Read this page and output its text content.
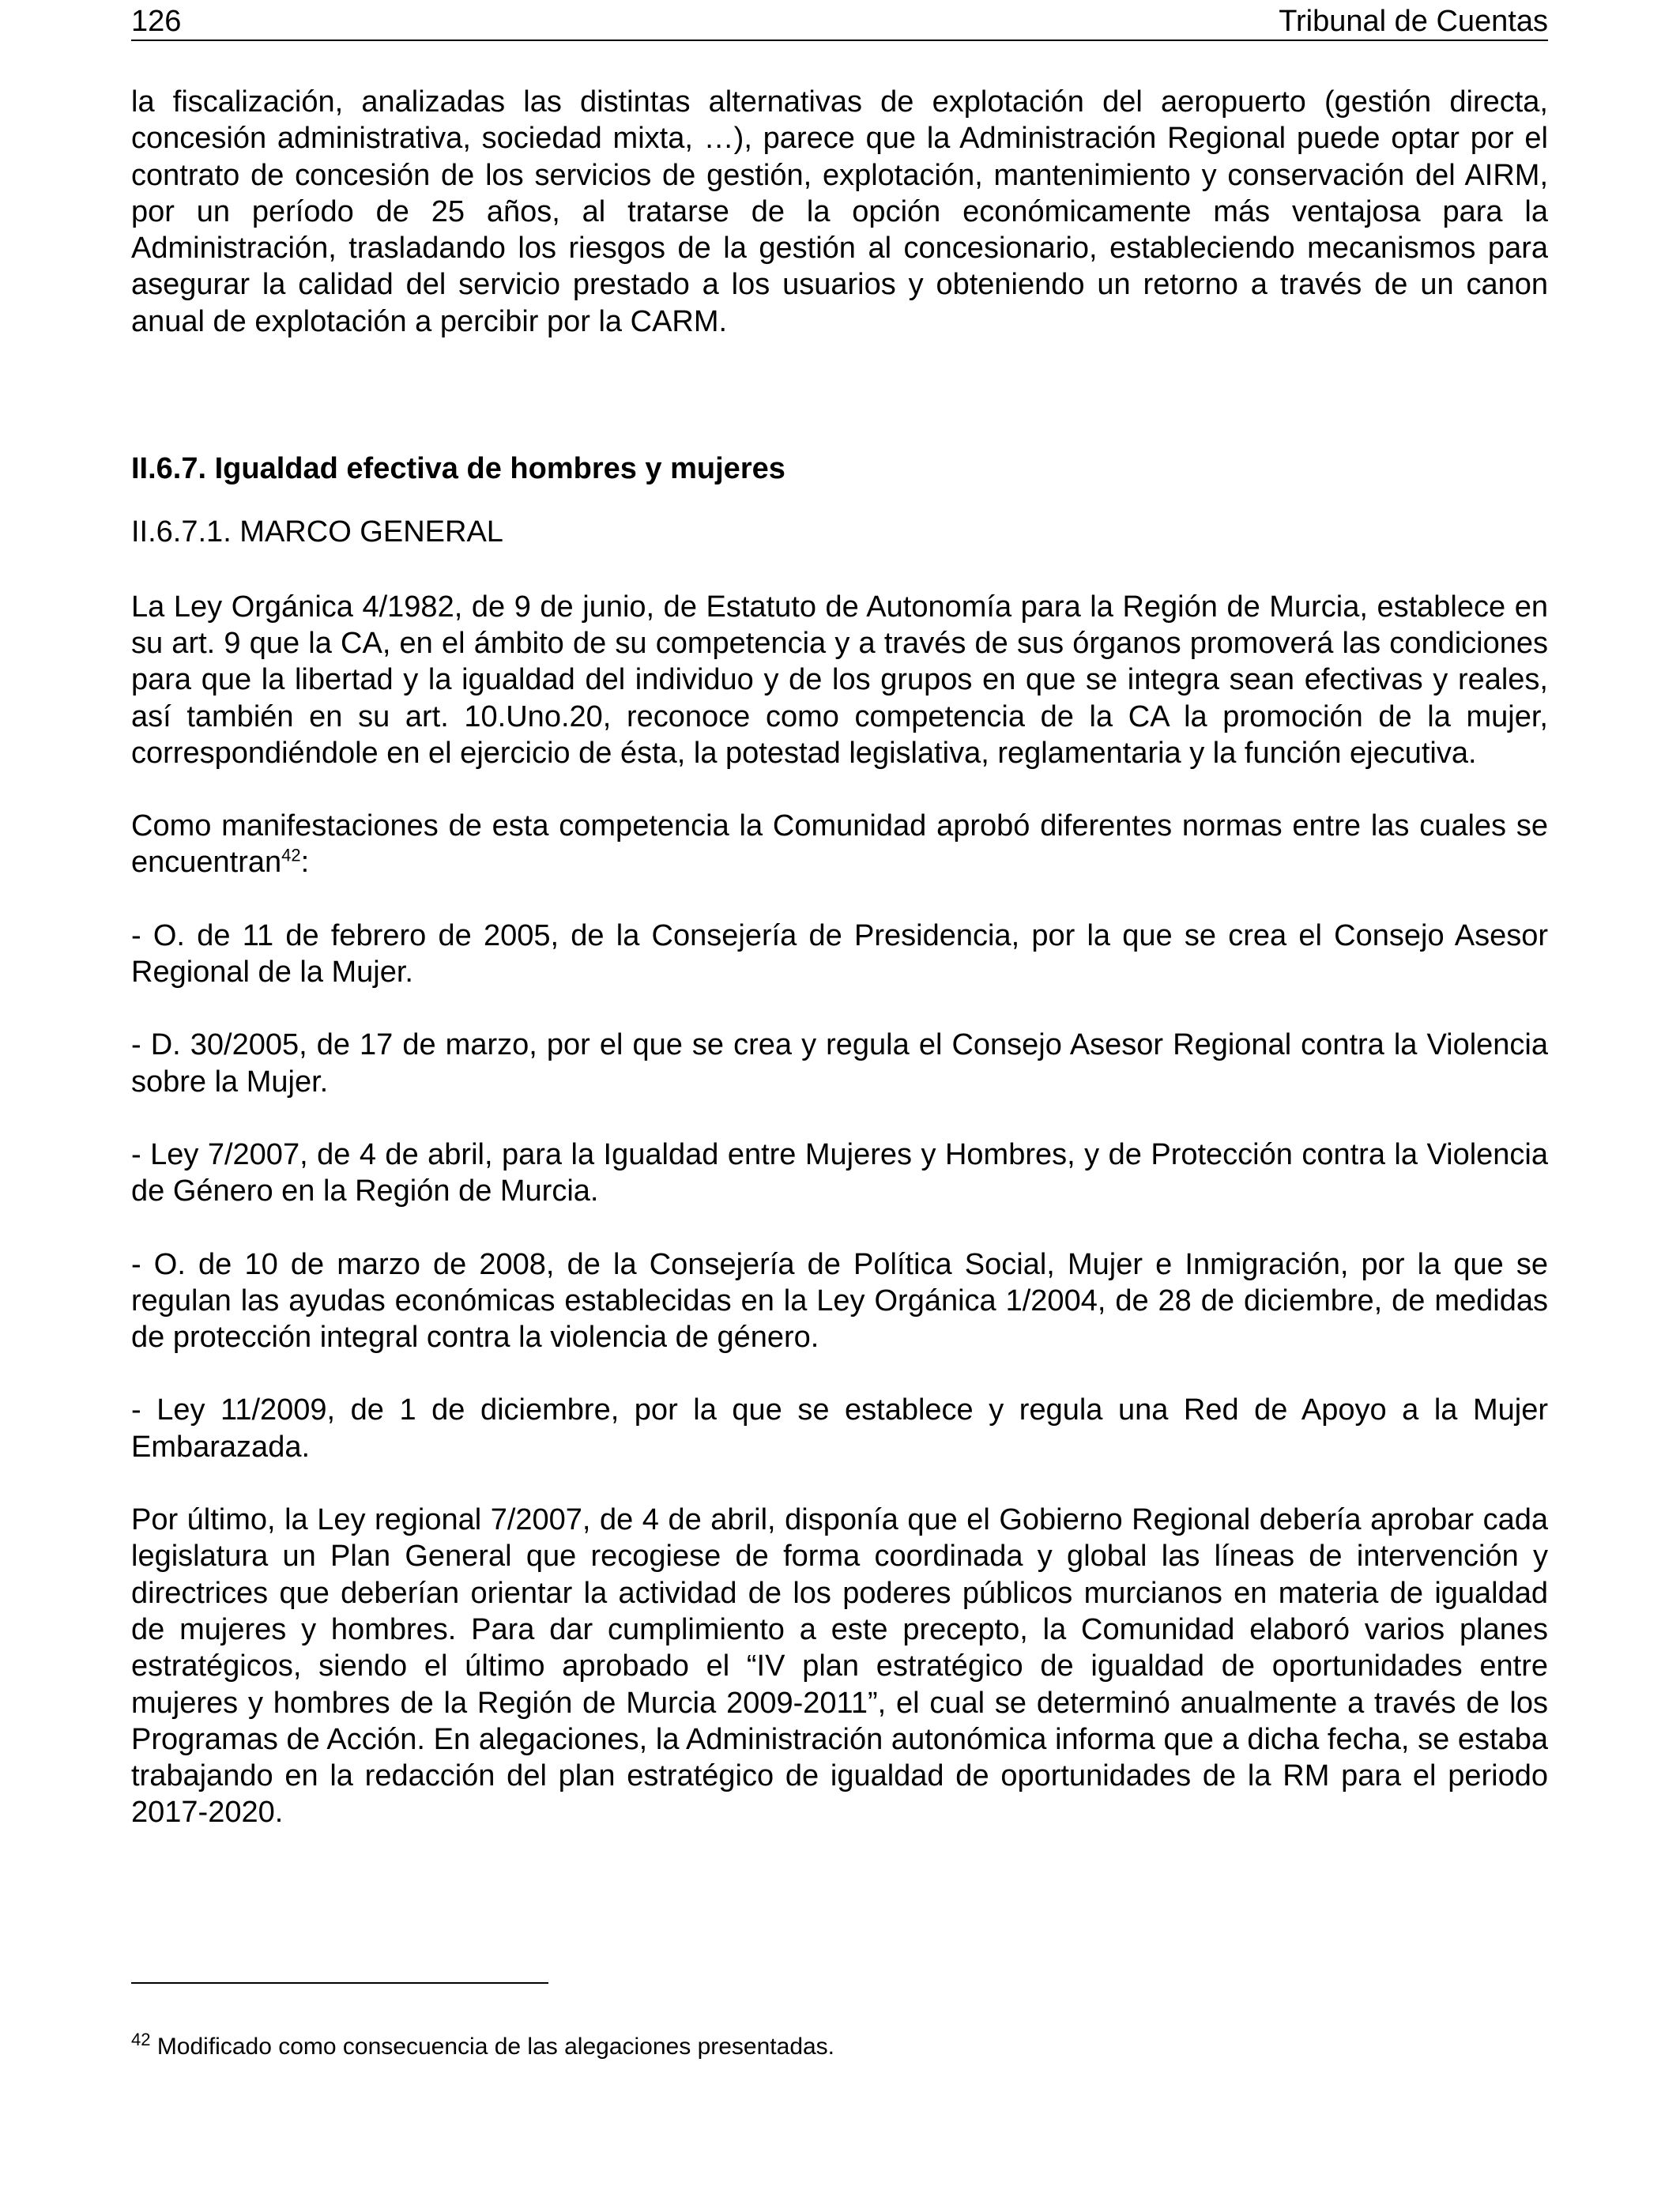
126	Tribunal de Cuentas

la fiscalización, analizadas las distintas alternativas de explotación del aeropuerto (gestión directa, concesión administrativa, sociedad mixta, …), parece que la Administración Regional puede optar por el contrato de concesión de los servicios de gestión, explotación, mantenimiento y conservación del AIRM, por un período de 25 años, al tratarse de la opción económicamente más ventajosa para la Administración, trasladando los riesgos de la gestión al concesionario, estableciendo mecanismos para asegurar la calidad del servicio prestado a los usuarios y obteniendo un retorno a través de un canon anual de explotación a percibir por la CARM.

II.6.7. Igualdad efectiva de hombres y mujeres
II.6.7.1. MARCO GENERAL

La Ley Orgánica 4/1982, de 9 de junio, de Estatuto de Autonomía para la Región de Murcia, establece en su art. 9 que la CA, en el ámbito de su competencia y a través de sus órganos promoverá las condiciones para que la libertad y la igualdad del individuo y de los grupos en que se integra sean efectivas y reales, así también en su art. 10.Uno.20, reconoce como competencia de la CA la promoción de la mujer, correspondiéndole en el ejercicio de ésta, la potestad legislativa, reglamentaria y la función ejecutiva.

Como manifestaciones de esta competencia la Comunidad aprobó diferentes normas entre las cuales se encuentran$^{42}$:

- O. de 11 de febrero de 2005, de la Consejería de Presidencia, por la que se crea el Consejo Asesor Regional de la Mujer.

- D. 30/2005, de 17 de marzo, por el que se crea y regula el Consejo Asesor Regional contra la Violencia sobre la Mujer.

- Ley 7/2007, de 4 de abril, para la Igualdad entre Mujeres y Hombres, y de Protección contra la Violencia de Género en la Región de Murcia.

- O. de 10 de marzo de 2008, de la Consejería de Política Social, Mujer e Inmigración, por la que se regulan las ayudas económicas establecidas en la Ley Orgánica 1/2004, de 28 de diciembre, de medidas de protección integral contra la violencia de género.

- Ley 11/2009, de 1 de diciembre, por la que se establece y regula una Red de Apoyo a la Mujer Embarazada.

Por último, la Ley regional 7/2007, de 4 de abril, disponía que el Gobierno Regional debería aprobar cada legislatura un Plan General que recogiese de forma coordinada y global las líneas de intervención y directrices que deberían orientar la actividad de los poderes públicos murcianos en materia de igualdad de mujeres y hombres. Para dar cumplimiento a este precepto, la Comunidad elaboró varios planes estratégicos, siendo el último aprobado el “IV plan estratégico de igualdad de oportunidades entre mujeres y hombres de la Región de Murcia 2009-2011”, el cual se determinó anualmente a través de los Programas de Acción. En alegaciones, la Administración autonómica informa que a dicha fecha, se estaba trabajando en la redacción del plan estratégico de igualdad de oportunidades de la RM para el periodo 2017-2020.

$^{42}$ Modificado como consecuencia de las alegaciones presentadas.
